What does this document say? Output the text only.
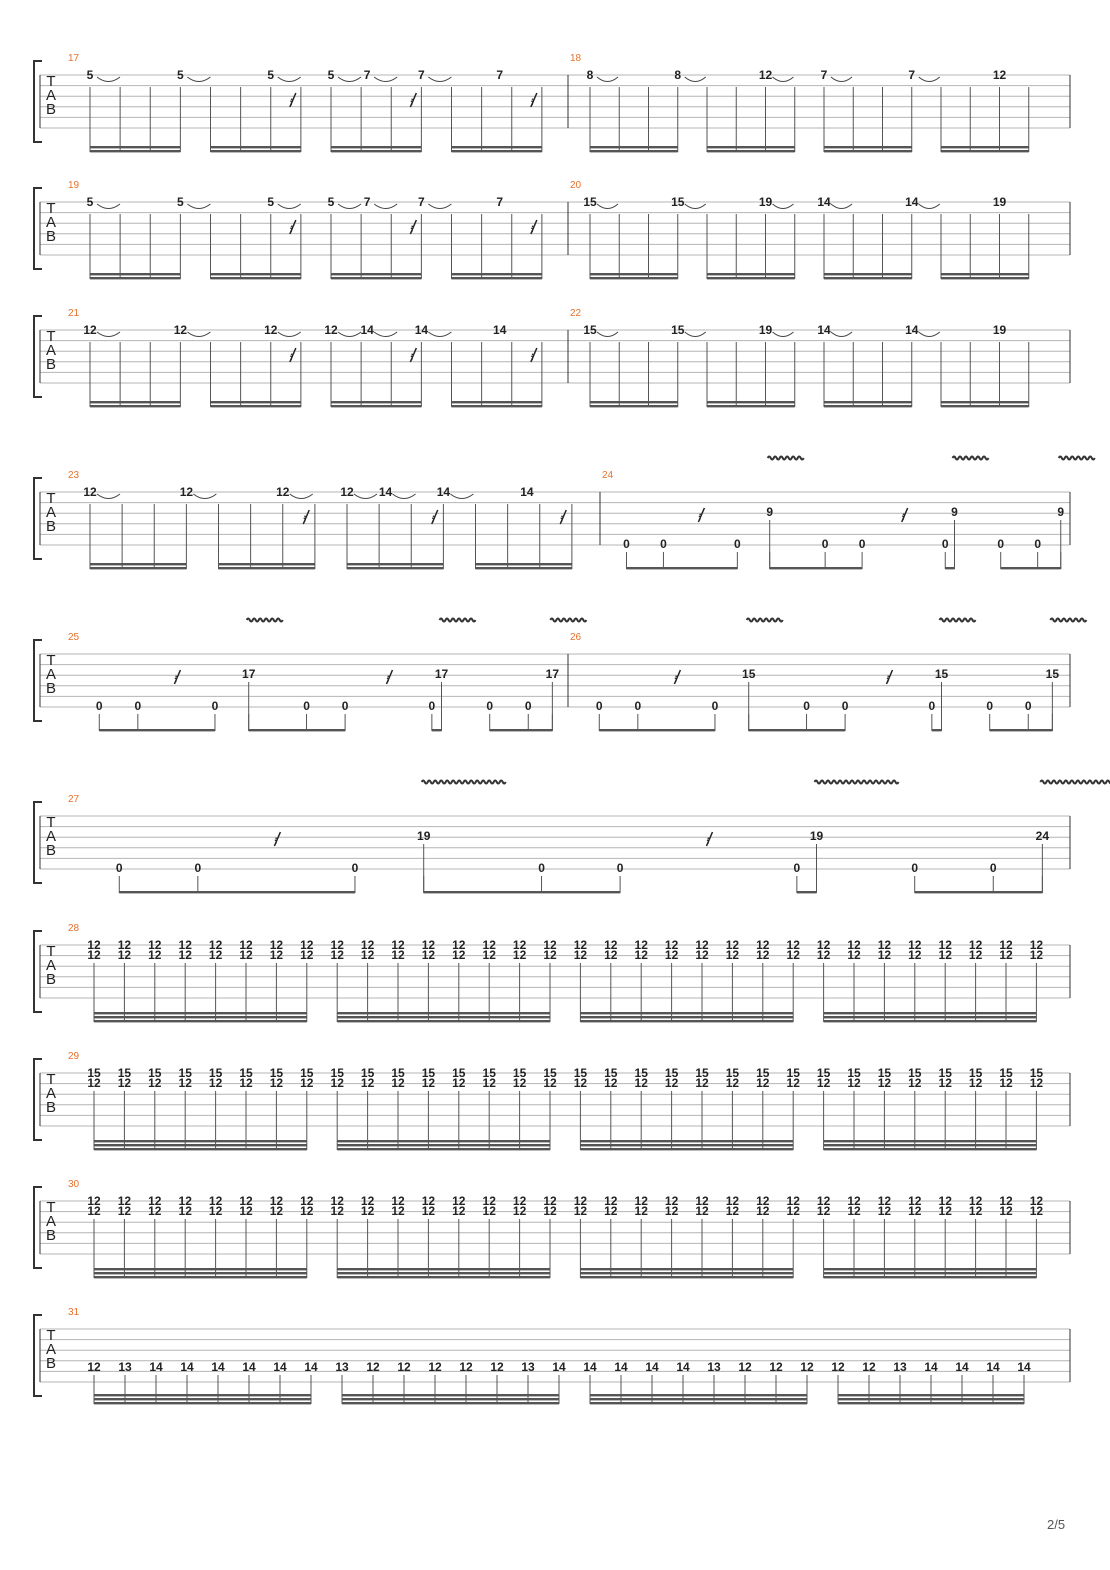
T
A
B
17	18
5	5	5	5 7	7	7
𝄿	𝄿	𝄿
8	8	12	7	7	12
T
A
B
19	20
5	5	5	5 7	7	7
𝄿	𝄿	𝄿
15	15	19	14	14	19
T
A
B
21	22
12	12	12	12 14	14	14
𝄿	𝄿	𝄿
15	15	19	14	14	19
T
A
B
23	24
12	12	12	12 14	14	14
𝄿	𝄿	𝄿
0	0	0	0	0	0	0	0
9	9	9
𝄿	𝄿
T
A
B
25	26
0	0	0	0	0	0	0	0
17	17	17
𝄿	𝄿
0	0	0	0	0	0	0	0
15	15	15
𝄿	𝄿
T
A
B
27
0	0	0	0	0	0	0	0
19	19	24
𝄿	𝄿
T
A
B
28
12
12
12
12
12
12
12
12
12
12
12
12
12
12
12
12
12
12
12
12
12
12
12
12
12
12
12
12
12
12
12
12
12
12
12
12
12
12
12
12
12
12
12
12
12
12
12
12
12
12
12
12
12
12
12
12
12
12
12
12
12
12
12
12
T
A
B
29
15
12
15
12
15
12
15
12
15
12
15
12
15
12
15
12
15
12
15
12
15
12
15
12
15
12
15
12
15
12
15
12
15
12
15
12
15
12
15
12
15
12
15
12
15
12
15
12
15
12
15
12
15
12
15
12
15
12
15
12
15
12
15
12
T
A
B
30
12
12
12
12
12
12
12
12
12
12
12
12
12
12
12
12
12
12
12
12
12
12
12
12
12
12
12
12
12
12
12
12
12
12
12
12
12
12
12
12
12
12
12
12
12
12
12
12
12
12
12
12
12
12
12
12
12
12
12
12
12
12
12
12
T
A
B
31
12 13 14 14 14 14 14 14 13 12 12 12 12 12 13 14 14 14 14 14 13 12 12 12 12 12 13 14 14 14 14
2/5
